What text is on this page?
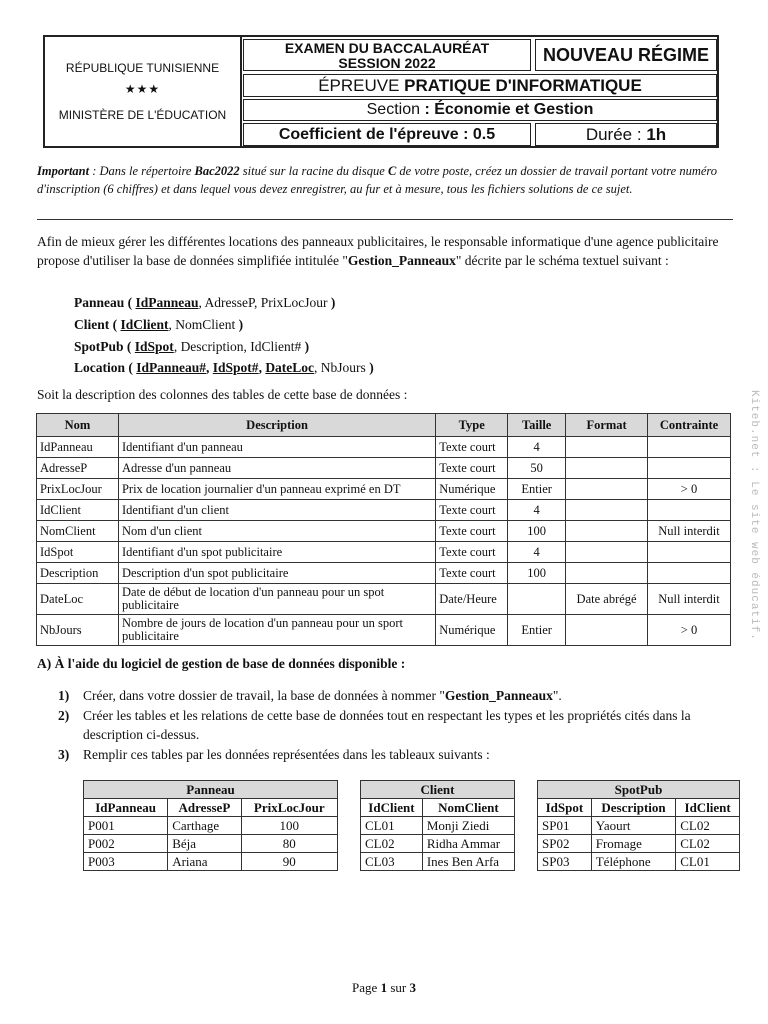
RÉPUBLIQUE TUNISIENNE
★★★
MINISTÈRE DE L'ÉDUCATION
EXAMEN DU BACCALAURÉAT
SESSION 2022	NOUVEAU RÉGIME
ÉPREUVE PRATIQUE D'INFORMATIQUE
Section : Économie et Gestion
Coefficient de l'épreuve : 0.5	Durée : 1h
Important : Dans le répertoire Bac2022 situé sur la racine du disque C de votre poste, créez un dossier de travail portant votre numéro d'inscription (6 chiffres) et dans lequel vous devez enregistrer, au fur et à mesure, tous les fichiers solutions de ce sujet.
Afin de mieux gérer les différentes locations des panneaux publicitaires, le responsable informatique d'une agence publicitaire propose d'utiliser la base de données simplifiée intitulée "Gestion_Panneaux" décrite par le schéma textuel suivant :
Panneau ( IdPanneau, AdresseP, PrixLocJour )
Client ( IdClient, NomClient )
SpotPub ( IdSpot, Description, IdClient# )
Location ( IdPanneau#, IdSpot#, DateLoc, NbJours )
Soit la description des colonnes des tables de cette base de données :
Nom	Description	Type	Taille	Format	Contrainte
IdPanneau	Identifiant d'un panneau	Texte court	4		
AdresseP	Adresse d'un panneau	Texte court	50		
PrixLocJour	Prix de location journalier d'un panneau exprimé en DT	Numérique	Entier		> 0
IdClient	Identifiant d'un client	Texte court	4		
NomClient	Nom d'un client	Texte court	100		Null interdit
IdSpot	Identifiant d'un spot publicitaire	Texte court	4		
Description	Description d'un spot publicitaire	Texte court	100		
DateLoc	Date de début de location d'un panneau pour un spot publicitaire	Date/Heure		Date abrégé	Null interdit
NbJours	Nombre de jours de location d'un panneau pour un sport publicitaire	Numérique	Entier		> 0
A) À l'aide du logiciel de gestion de base de données disponible :
1) Créer, dans votre dossier de travail, la base de données à nommer "Gestion_Panneaux".
2) Créer les tables et les relations de cette base de données tout en respectant les types et les propriétés cités dans la description ci-dessus.
3) Remplir ces tables par les données représentées dans les tableaux suivants :
Panneau		
IdPanneau	AdresseP	PrixLocJour
P001	Carthage	100
P002	Béja	80
P003	Ariana	90
Client	
IdClient	NomClient
CL01	Monji Ziedi
CL02	Ridha Ammar
CL03	Ines Ben Arfa
SpotPub		
IdSpot	Description	IdClient
SP01	Yaourt	CL02
SP02	Fromage	CL02
SP03	Téléphone	CL01
Kiteb.net : Le site web éducatif.
Page 1 sur 3
